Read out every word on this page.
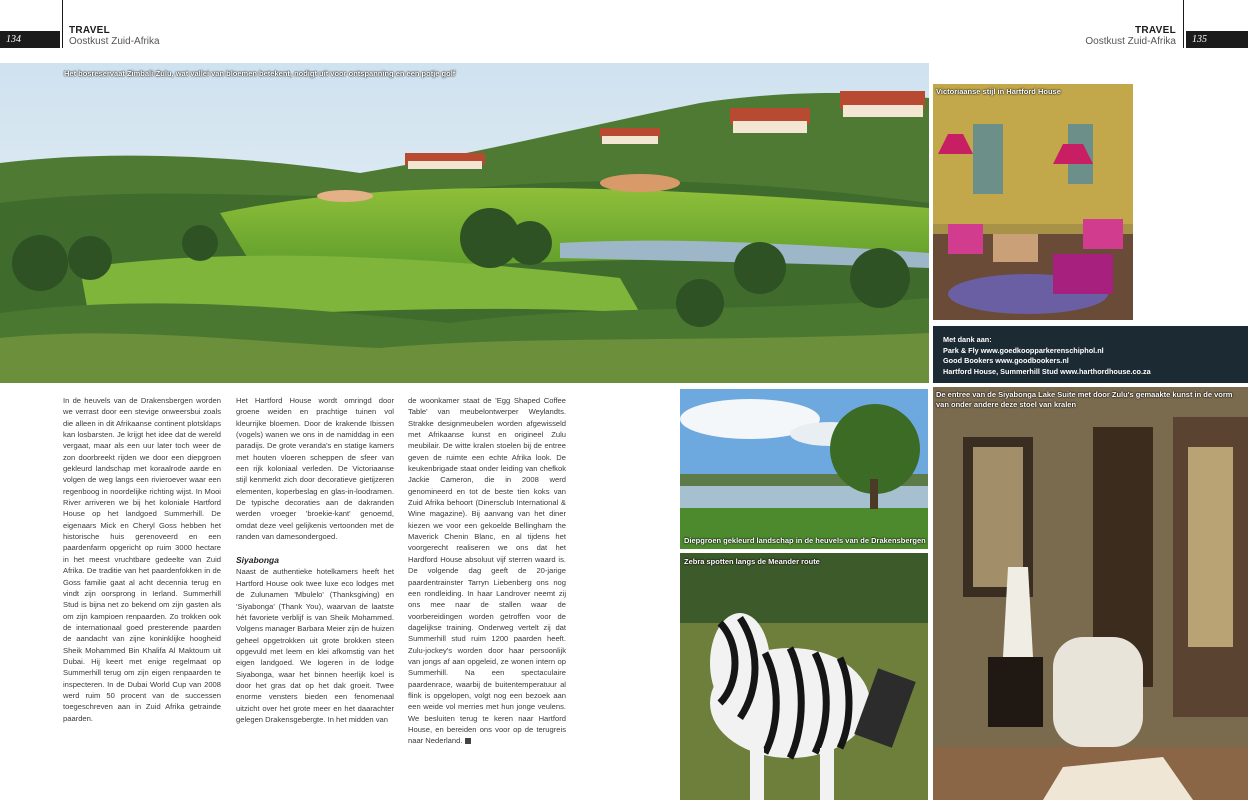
134
TRAVEL
Oostkust Zuid-Afrika
TRAVEL
Oostkust Zuid-Afrika	135
Het bosreservaat Zimbali-Zulu, wat vallei van bloemen betekent, nodigt uit voor ontspanning en een potje golf
Victoriaanse stijl in Hartford House
Met dank aan:
Park & Fly www.goedkoopparkerenschiphol.nl
Good Bookers www.goodbookers.nl
Hartford House, Summerhill Stud www.harthordhouse.co.za
Diepgroen gekleurd landschap in de heuvels van de Drakensbergen
Zebra spotten langs de Meander route
De entree van de Siyabonga Lake Suite met door Zulu's gemaakte kunst in de vorm van onder andere deze stoel van kralen

In de heuvels van de Drakensbergen worden we verrast door een stevige onweersbui zoals die alleen in dit Afrikaanse continent plotsklaps kan losbarsten. Je krijgt het idee dat de wereld vergaat, maar als een uur later toch weer de zon doorbreekt rijden we door een diepgroen gekleurd landschap met koraalrode aarde en volgen de weg langs een rivieroever waar een regenboog in noordelijke richting wijst. In Mooi River arriveren we bij het koloniale Hartford House op het landgoed Summerhill. De eigenaars Mick en Cheryl Goss hebben het historische huis gerenoveerd en een paardenfarm opgericht op ruim 3000 hectare in het meest vruchtbare gedeelte van Zuid Afrika. De traditie van het paardenfokken in de Goss familie gaat al acht decennia terug en vindt zijn oorsprong in Ierland. Summerhill Stud is bijna net zo bekend om zijn gasten als om zijn kampioen renpaarden. Zo trokken ook de internationaal goed presterende paarden de aandacht van zijne koninklijke hoogheid Sheik Mohammed Bin Khalifa Al Maktoum uit Dubai. Hij keert met enige regelmaat op Summerhill terug om zijn eigen renpaarden te inspecteren. In de Dubai World Cup van 2008 werd ruim 50 procent van de successen toegeschreven aan in Zuid Afrika getrainde paarden.

Het Hartford House wordt omringd door groene weiden en prachtige tuinen vol kleurrijke bloemen. Door de krakende Ibissen (vogels) wanen we ons in de namiddag in een paradijs. De grote veranda's en statige kamers met houten vloeren scheppen de sfeer van een rijk koloniaal verleden. De Victoriaanse stijl kenmerkt zich door decoratieve gietijzeren elementen, koperbeslag en glas-in-loodramen. De typische decoraties aan de dakranden werden vroeger 'broekie-kant' genoemd, omdat deze veel gelijkenis vertoonden met de randen van damesondergoed.

Siyabonga

Naast de authentieke hotelkamers heeft het Hartford House ook twee luxe eco lodges met de Zulunamen 'Mbulelo' (Thanksgiving) en 'Siyabonga' (Thank You), waarvan de laatste hét favoriete verblijf is van Sheik Mohammed. Volgens manager Barbara Meier zijn de huizen geheel opgetrokken uit grote brokken steen opgevuld met leem en klei afkomstig van het eigen landgoed. We logeren in de lodge Siyabonga, waar het binnen heerlijk koel is door het gras dat op het dak groeit. Twee enorme vensters bieden een fenomenaal uitzicht over het grote meer en het daarachter gelegen Drakensgebergte. In het midden van

de woonkamer staat de 'Egg Shaped Coffee Table' van meubelontwerper Weylandts. Strakke designmeubelen worden afgewisseld met Afrikaanse kunst en origineel Zulu meubilair. De witte kralen stoelen bij de entree geven de ruimte een echte Afrika look. De keukenbrigade staat onder leiding van chefkok Jackie Cameron, die in 2008 werd genomineerd en tot de beste tien koks van Zuid Afrika behoort (Dinersclub International & Wine magazine). Bij aanvang van het diner kiezen we voor een gekoelde Bellingham the Maverick Chenin Blanc, en al tijdens het voorgerecht realiseren we ons dat het Hardford House absoluut vijf sterren waard is. De volgende dag geeft de 20-jarige paardentrainster Tarryn Liebenberg ons nog een rondleiding. In haar Landrover neemt zij ons mee naar de stallen waar de voorbereidingen worden getroffen voor de dagelijkse training. Onderweg vertelt zij dat Summerhill stud ruim 1200 paarden heeft. Zulu-jockey's worden door haar persoonlijk van jongs af aan opgeleid, ze wonen intern op Summerhill. Na een spectaculaire paardenrace, waarbij de buitentemperatuur al flink is opgelopen, volgt nog een bezoek aan een weide vol merries met hun jonge veulens. We besluiten terug te keren naar Hartford House, en bereiden ons voor op de terugreis naar Nederland.
